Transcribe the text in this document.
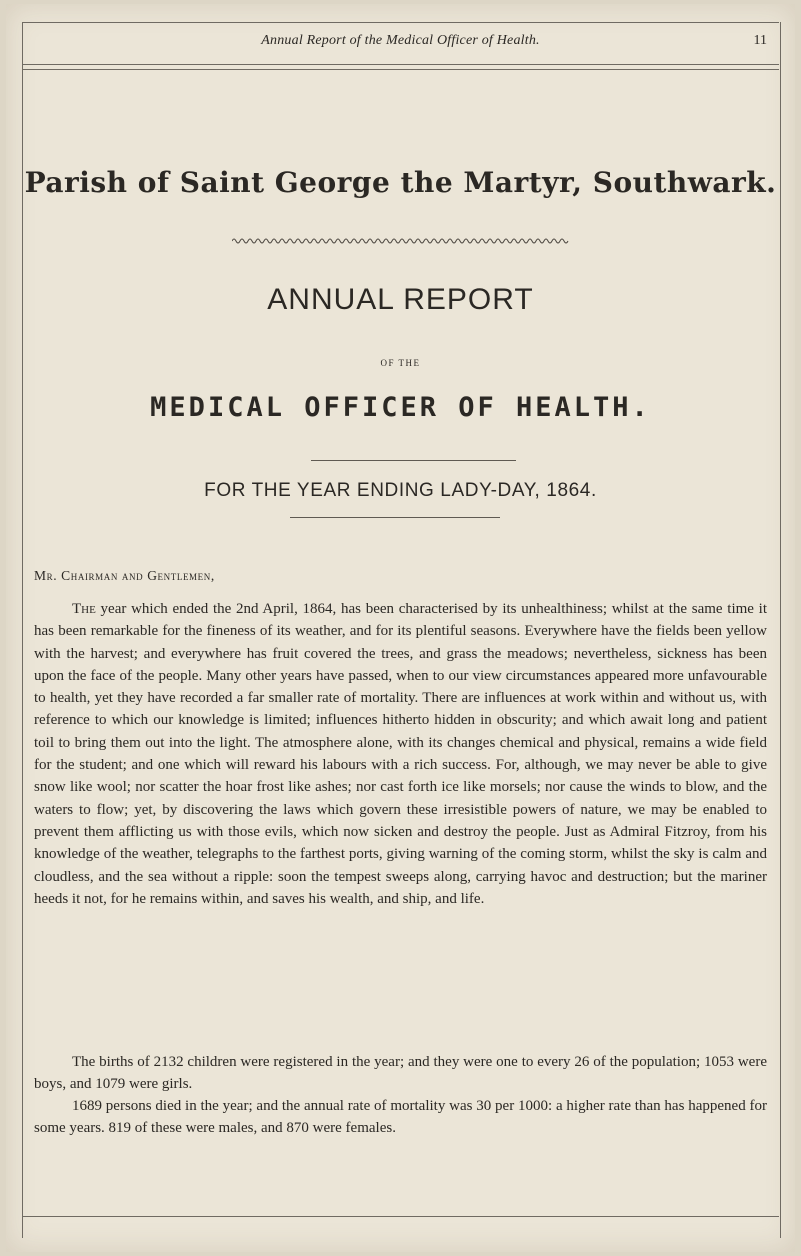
Annual Report of the Medical Officer of Health.	11
Parish of Saint George the Martyr, Southwark.
ANNUAL REPORT
OF THE
MEDICAL OFFICER OF HEALTH.
FOR THE YEAR ENDING LADY-DAY, 1864.
Mr. Chairman and Gentlemen,

The year which ended the 2nd April, 1864, has been characterised by its unhealthiness; whilst at the same time it has been remarkable for the fineness of its weather, and for its plentiful seasons. Everywhere have the fields been yellow with the harvest; and everywhere has fruit covered the trees, and grass the meadows; nevertheless, sickness has been upon the face of the people. Many other years have passed, when to our view circumstances appeared more unfavourable to health, yet they have recorded a far smaller rate of mortality. There are influences at work within and without us, with reference to which our knowledge is limited; influences hitherto hidden in obscurity; and which await long and patient toil to bring them out into the light. The atmosphere alone, with its changes chemical and physical, remains a wide field for the student; and one which will reward his labours with a rich success. For, although, we may never be able to give snow like wool; nor scatter the hoar frost like ashes; nor cast forth ice like morsels; nor cause the winds to blow, and the waters to flow; yet, by discovering the laws which govern these irresistible powers of nature, we may be enabled to prevent them afflicting us with those evils, which now sicken and destroy the people. Just as Admiral Fitzroy, from his knowledge of the weather, telegraphs to the farthest ports, giving warning of the coming storm, whilst the sky is calm and cloudless, and the sea without a ripple: soon the tempest sweeps along, carrying havoc and destruction; but the mariner heeds it not, for he remains within, and saves his wealth, and ship, and life.

The births of 2132 children were registered in the year; and they were one to every 26 of the population; 1053 were boys, and 1079 were girls.

1689 persons died in the year; and the annual rate of mortality was 30 per 1000: a higher rate than has happened for some years. 819 of these were males, and 870 were females.
